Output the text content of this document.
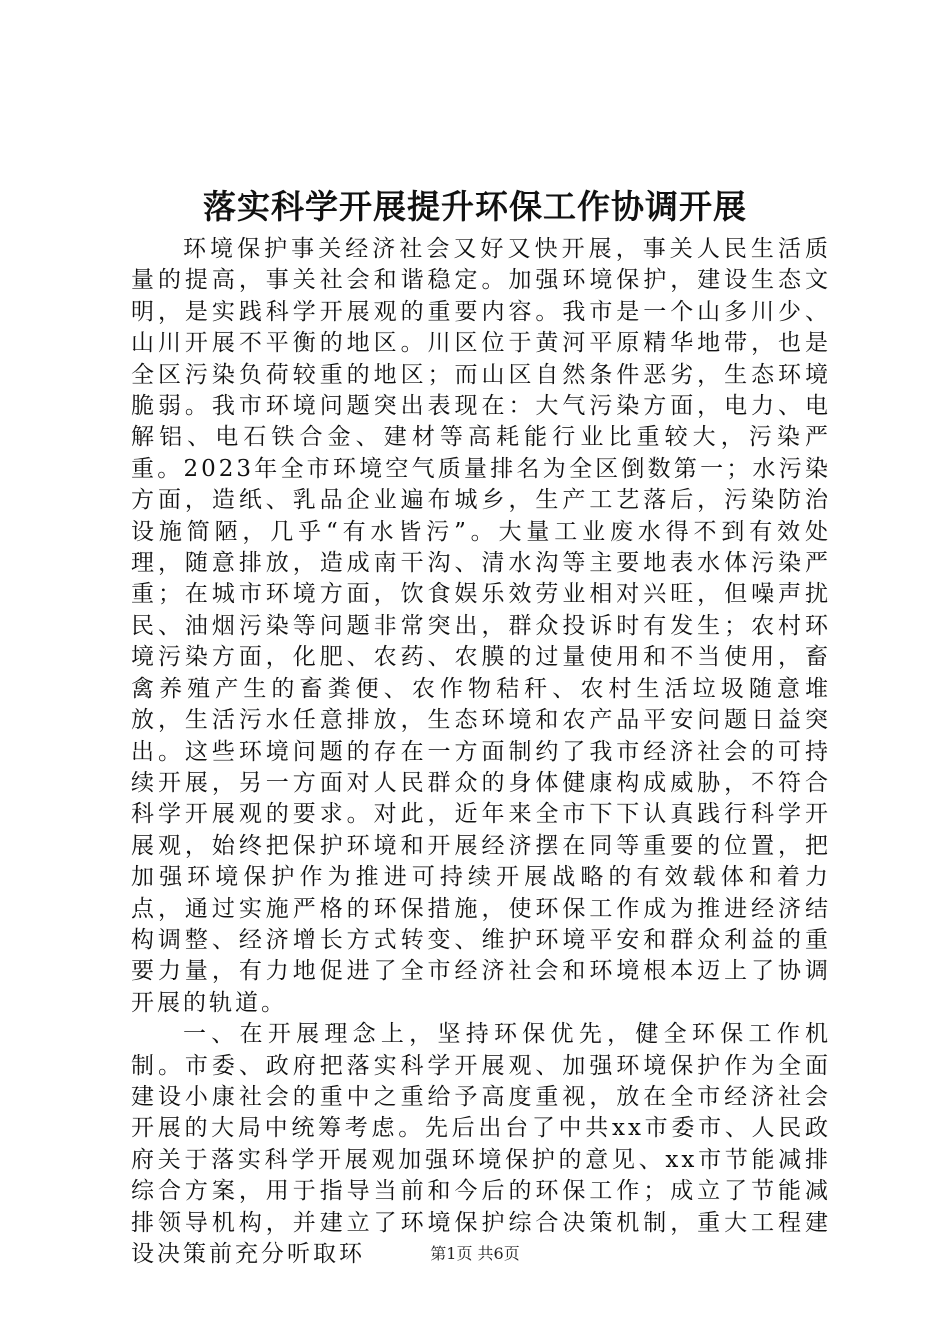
落实科学开展提升环保工作协调开展

环境保护事关经济社会又好又快开展，事关人民生活质量的提高，事关社会和谐稳定。加强环境保护，建设生态文明，是实践科学开展观的重要内容。我市是一个山多川少、山川开展不平衡的地区。川区位于黄河平原精华地带，也是全区污染负荷较重的地区；而山区自然条件恶劣，生态环境脆弱。我市环境问题突出表现在：大气污染方面，电力、电解铝、电石铁合金、建材等高耗能行业比重较大，污染严重。2023年全市环境空气质量排名为全区倒数第一；水污染方面，造纸、乳品企业遍布城乡，生产工艺落后，污染防治设施简陋，几乎“有水皆污”。大量工业废水得不到有效处理，随意排放，造成南干沟、清水沟等主要地表水体污染严重；在城市环境方面，饮食娱乐效劳业相对兴旺，但噪声扰民、油烟污染等问题非常突出，群众投诉时有发生；农村环境污染方面，化肥、农药、农膜的过量使用和不当使用，畜禽养殖产生的畜粪便、农作物秸秆、农村生活垃圾随意堆放，生活污水任意排放，生态环境和农产品平安问题日益突出。这些环境问题的存在一方面制约了我市经济社会的可持续开展，另一方面对人民群众的身体健康构成威胁，不符合科学开展观的要求。对此，近年来全市下下认真践行科学开展观，始终把保护环境和开展经济摆在同等重要的位置，把加强环境保护作为推进可持续开展战略的有效载体和着力点，通过实施严格的环保措施，使环保工作成为推进经济结构调整、经济增长方式转变、维护环境平安和群众利益的重要力量，有力地促进了全市经济社会和环境根本迈上了协调开展的轨道。

一、在开展理念上，坚持环保优先，健全环保工作机制。市委、政府把落实科学开展观、加强环境保护作为全面建设小康社会的重中之重给予高度重视，放在全市经济社会开展的大局中统筹考虑。先后出台了中共xx市委市、人民政府关于落实科学开展观加强环境保护的意见、xx市节能减排综合方案，用于指导当前和今后的环保工作；成立了节能减排领导机构，并建立了环境保护综合决策机制，重大工程建设决策前充分听取环	第1页 共6页
